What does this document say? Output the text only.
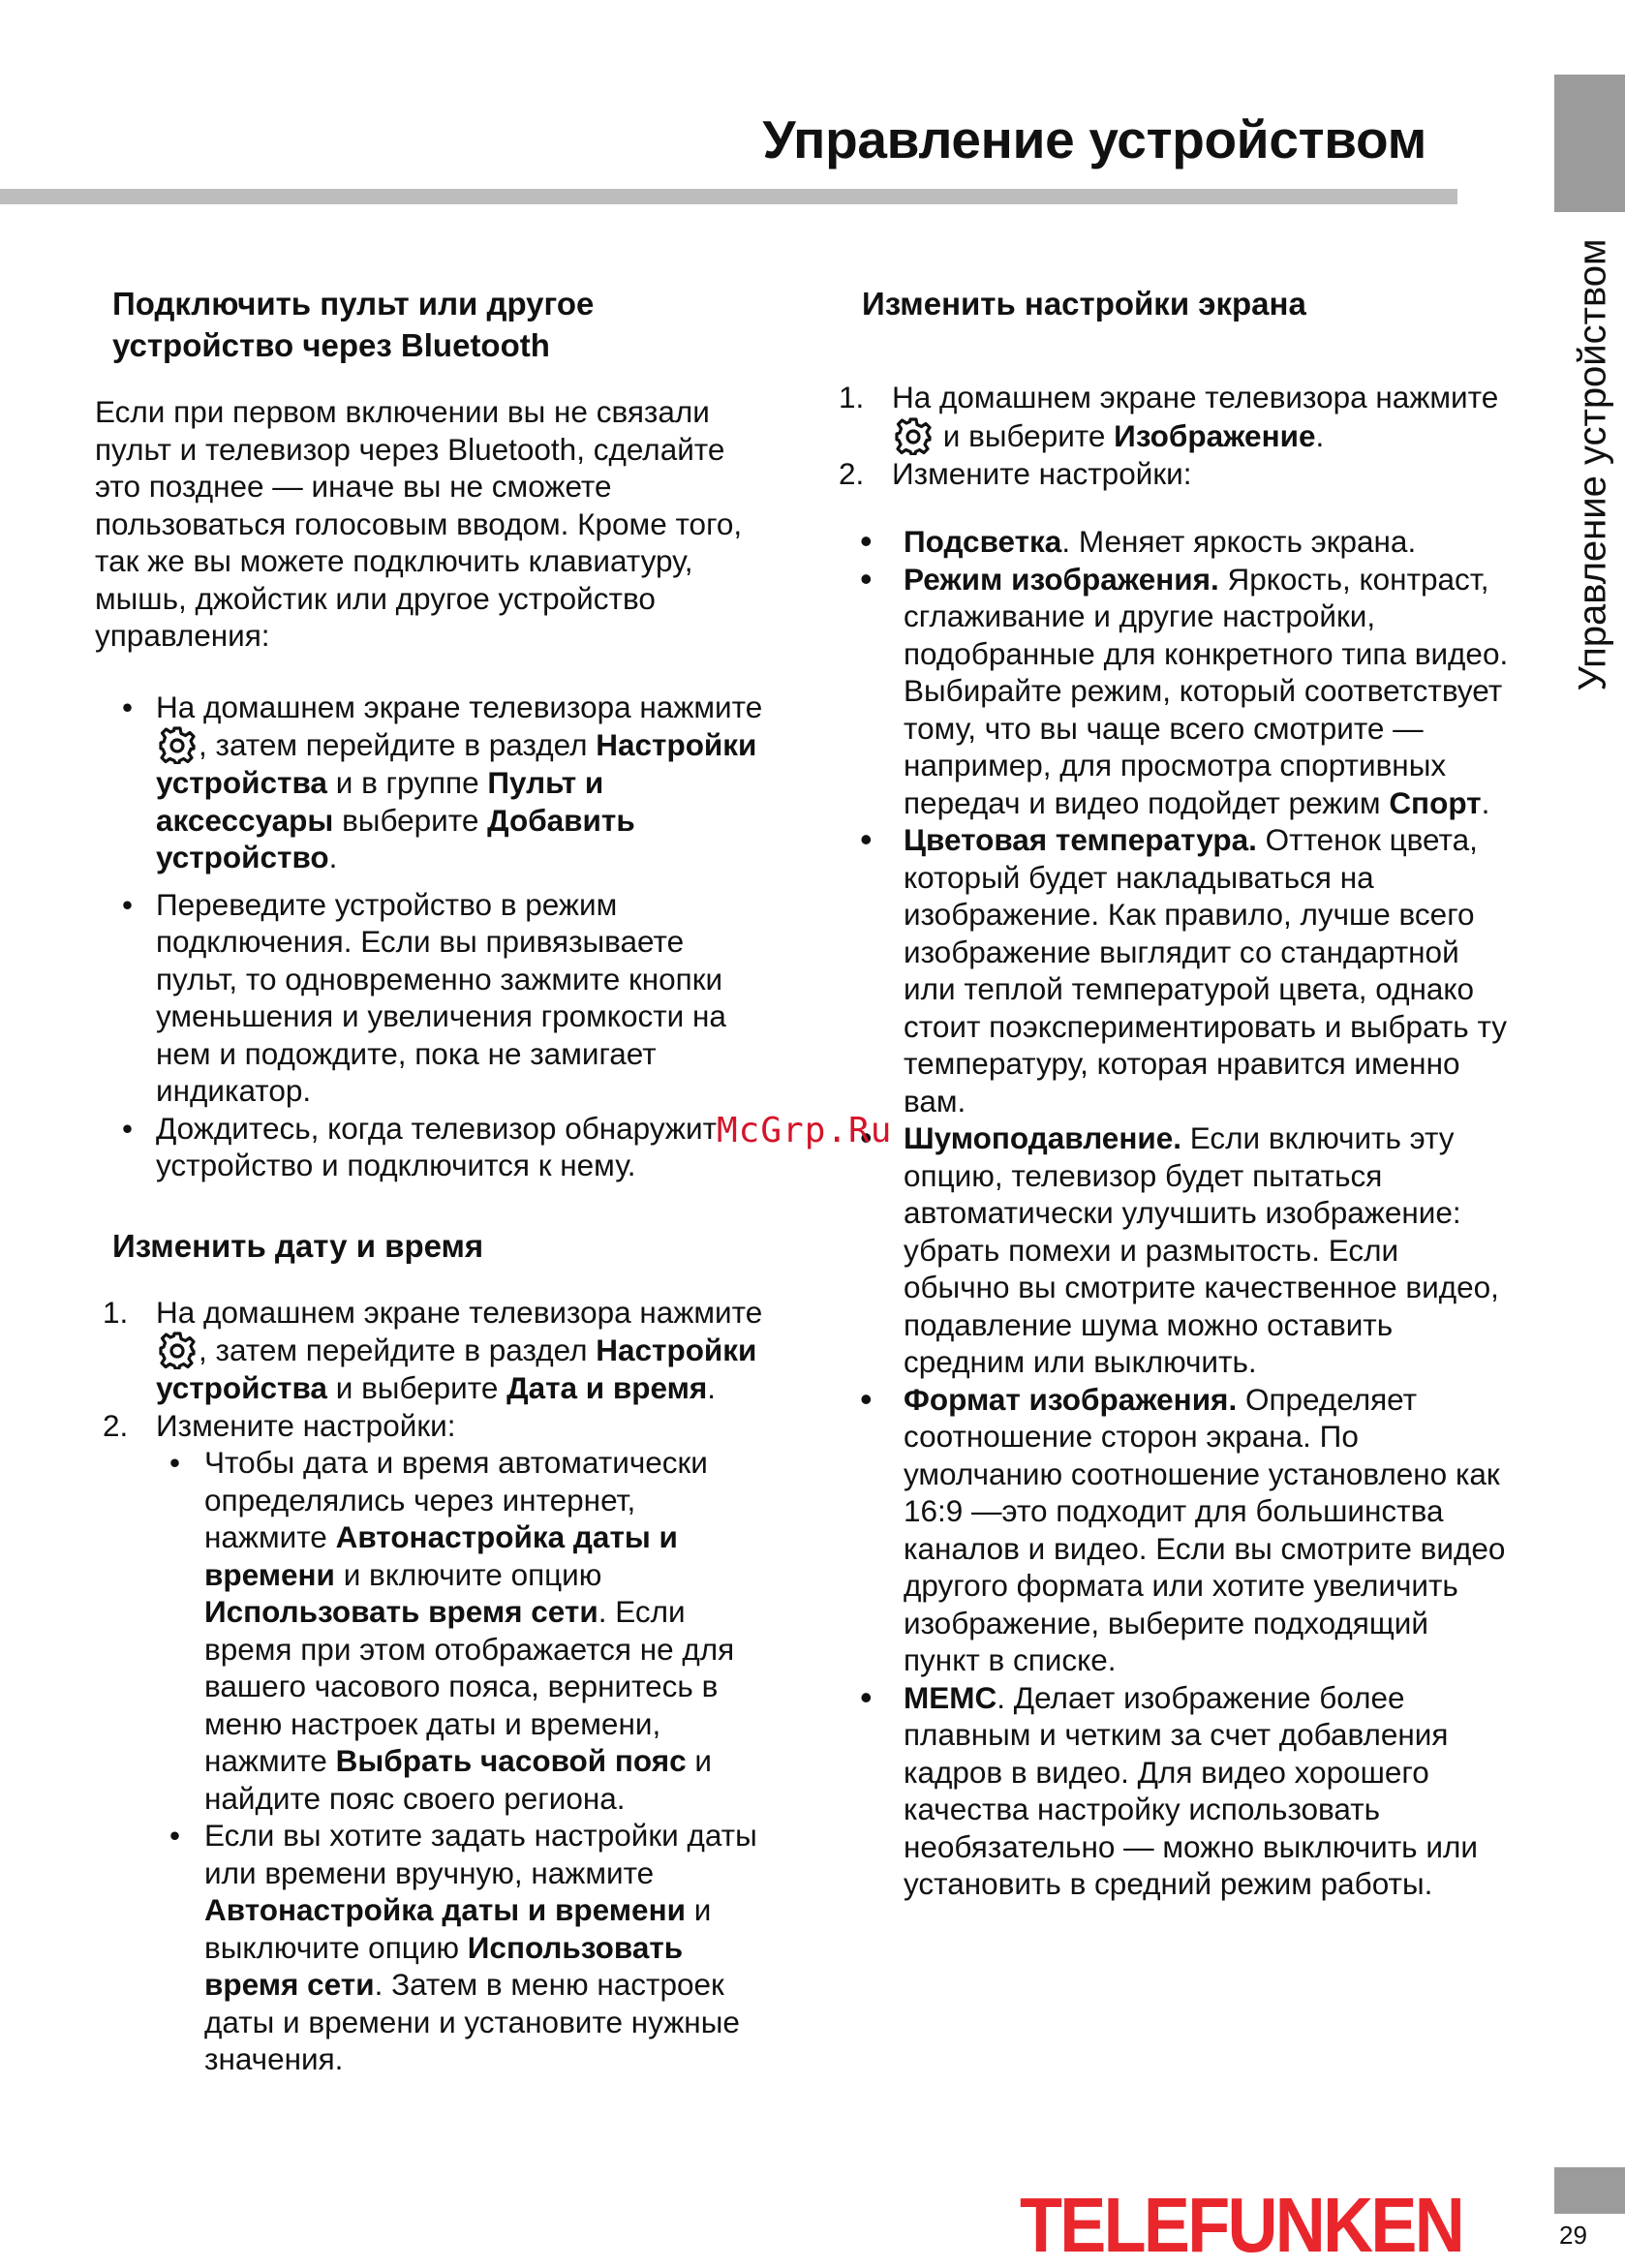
Управление устройством
Управление устройством
Подключить пульт или другое устройство через Bluetooth

Если при первом включении вы не связали пульт и телевизор через Bluetooth, сделайте это позднее — иначе вы не сможете пользоваться голосовым вводом. Кроме того, так же вы можете подключить клавиатуру, мышь, джойстик или другое устройство управления:

• На домашнем экране телевизора нажмите , затем перейдите в раздел Настройки устройства и в группе Пульт и аксессуары выберите Добавить устройство.
• Переведите устройство в режим подключения. Если вы привязываете пульт, то одновременно зажмите кнопки уменьшения и увеличения громкости на нем и подождите, пока не замигает индикатор.
• Дождитесь, когда телевизор обнаружит устройство и подключится к нему.
Изменить дату и время
1. На домашнем экране телевизора нажмите , затем перейдите в раздел Настройки устройства и выберите Дата и время.
2. Измените настройки:
• Чтобы дата и время автоматически определялись через интернет, нажмите Автонастройка даты и времени и включите опцию Использовать время сети. Если время при этом отображается не для вашего часового пояса, вернитесь в меню настроек даты и времени, нажмите Выбрать часовой пояс и найдите пояс своего региона.
• Если вы хотите задать настройки даты или времени вручную, нажмите Автонастройка даты и времени и выключите опцию Использовать время сети. Затем в меню настроек даты и времени и установите нужные значения.
Изменить настройки экрана
1. На домашнем экране телевизора нажмите  и выберите Изображение.
2. Измените настройки:
• Подсветка. Меняет яркость экрана.
• Режим изображения. Яркость, контраст, сглаживание и другие настройки, подобранные для конкретного типа видео. Выбирайте режим, который соответствует тому, что вы чаще всего смотрите — например, для просмотра спортивных передач и видео подойдет режим Спорт.
• Цветовая температура. Оттенок цвета, который будет накладываться на изображение. Как правило, лучше всего изображение выглядит со стандартной или теплой температурой цвета, однако стоит поэкспериментировать и выбрать ту температуру, которая нравится именно вам.
• Шумоподавление. Если включить эту опцию, телевизор будет пытаться автоматически улучшить изображение: убрать помехи и размытость. Если обычно вы смотрите качественное видео, подавление шума можно оставить средним или выключить.
• Формат изображения. Определяет соотношение сторон экрана. По умолчанию соотношение установлено как 16:9 —это подходит для большинства каналов и видео. Если вы смотрите видео другого формата или хотите увеличить изображение, выберите подходящий пункт в списке.
• MEMC. Делает изображение более плавным и четким за счет добавления кадров в видео. Для видео хорошего качества настройку использовать необязательно — можно выключить или установить в средний режим работы.
McGrp.Ru
TELEFUNKEN	29
